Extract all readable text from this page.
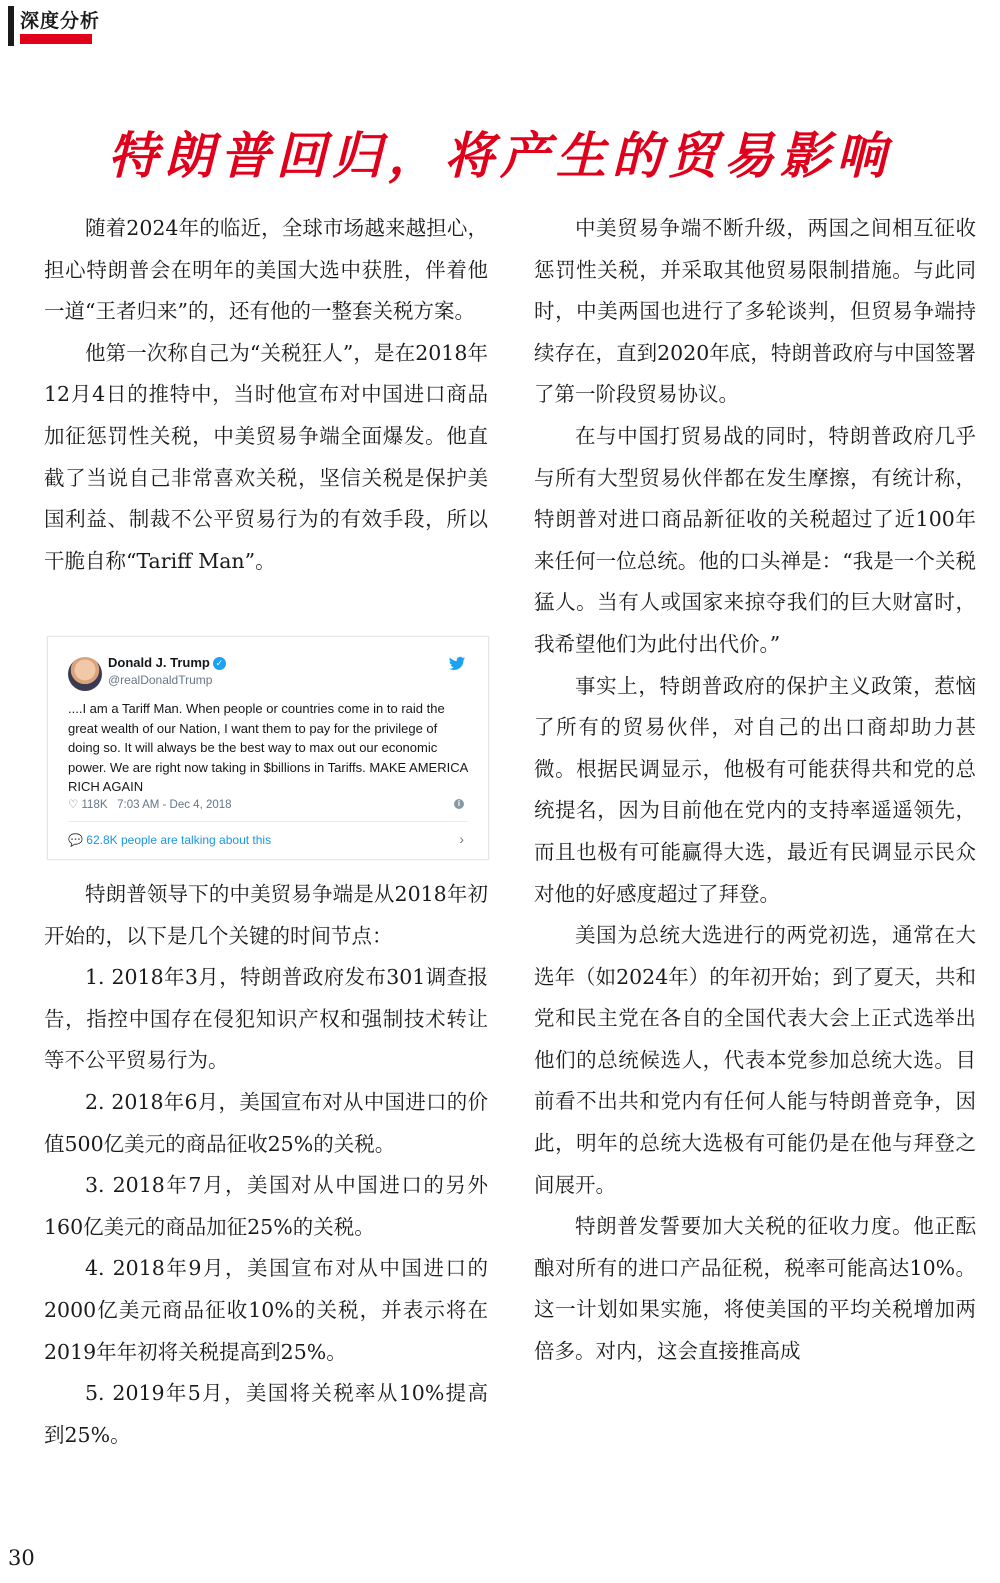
深度分析
特朗普回归，将产生的贸易影响

随着2024年的临近，全球市场越来越担心，担心特朗普会在明年的美国大选中获胜，伴着他一道“王者归来”的，还有他的一整套关税方案。

他第一次称自己为“关税狂人”，是在2018年12月4日的推特中，当时他宣布对中国进口商品加征惩罚性关税，中美贸易争端全面爆发。他直截了当说自己非常喜欢关税，坚信关税是保护美国利益、制裁不公平贸易行为的有效手段，所以干脆自称“Tariff Man”。

Donald J. Trump ✓
@realDonaldTrump
....I am a Tariff Man. When people or countries come in to raid the great wealth of our Nation, I want them to pay for the privilege of doing so. It will always be the best way to max out our economic power. We are right now taking in $billions in Tariffs. MAKE AMERICA RICH AGAIN
♡ 118K 7:03 AM - Dec 4, 2018	i
💬 62.8K people are talking about this	›

特朗普领导下的中美贸易争端是从2018年初开始的，以下是几个关键的时间节点：

1. 2018年3月，特朗普政府发布301调查报告，指控中国存在侵犯知识产权和强制技术转让等不公平贸易行为。

2. 2018年6月，美国宣布对从中国进口的价值500亿美元的商品征收25%的关税。

3. 2018年7月，美国对从中国进口的另外160亿美元的商品加征25%的关税。

4. 2018年9月，美国宣布对从中国进口的2000亿美元商品征收10%的关税，并表示将在2019年年初将关税提高到25%。

5. 2019年5月，美国将关税率从10%提高到25%。

中美贸易争端不断升级，两国之间相互征收惩罚性关税，并采取其他贸易限制措施。与此同时，中美两国也进行了多轮谈判，但贸易争端持续存在，直到2020年底，特朗普政府与中国签署了第一阶段贸易协议。

在与中国打贸易战的同时，特朗普政府几乎与所有大型贸易伙伴都在发生摩擦，有统计称，特朗普对进口商品新征收的关税超过了近100年来任何一位总统。他的口头禅是：“我是一个关税猛人。当有人或国家来掠夺我们的巨大财富时，我希望他们为此付出代价。”

事实上，特朗普政府的保护主义政策，惹恼了所有的贸易伙伴，对自己的出口商却助力甚微。根据民调显示，他极有可能获得共和党的总统提名，因为目前他在党内的支持率遥遥领先，而且也极有可能赢得大选，最近有民调显示民众对他的好感度超过了拜登。

美国为总统大选进行的两党初选，通常在大选年（如2024年）的年初开始；到了夏天，共和党和民主党在各自的全国代表大会上正式选举出他们的总统候选人，代表本党参加总统大选。目前看不出共和党内有任何人能与特朗普竞争，因此，明年的总统大选极有可能仍是在他与拜登之间展开。

特朗普发誓要加大关税的征收力度。他正酝酿对所有的进口产品征税，税率可能高达10%。这一计划如果实施，将使美国的平均关税增加两倍多。对内，这会直接推高成

30
